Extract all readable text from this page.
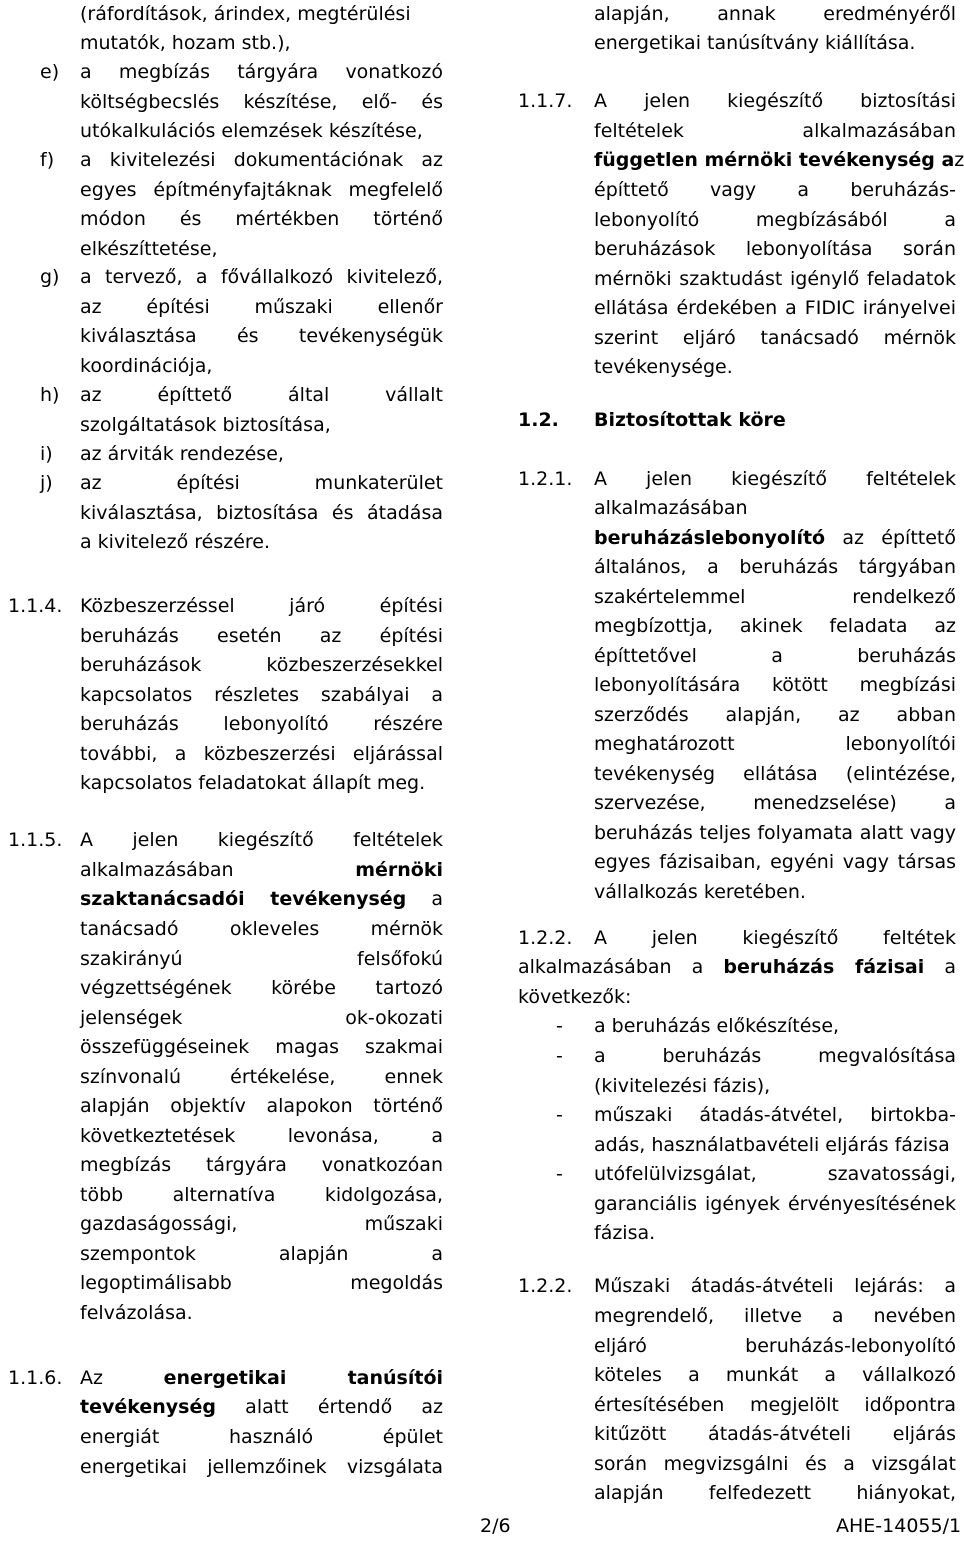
(ráfordítások, árindex, megtérülési
mutatók, hozam stb.),
e)	a megbízás tárgyára vonatkozó
költségbecslés készítése, elő- és
utókalkulációs elemzések készítése,
f)	a kivitelezési dokumentációnak az
egyes építményfajtáknak megfelelő
módon és mértékben történő
elkészíttetése,
g)	a tervező, a fővállalkozó kivitelező,
az építési műszaki ellenőr
kiválasztása és tevékenységük
koordinációja,
h)	az építtető által vállalt
szolgáltatások biztosítása,
i)	az árviták rendezése,
j)	az építési munkaterület
kiválasztása, biztosítása és átadása
a kivitelező részére.
1.1.4. Közbeszerzéssel járó építési
beruházás esetén az építési
beruházások közbeszerzésekkel
kapcsolatos részletes szabályai a
beruházás lebonyolító részére
további, a közbeszerzési eljárással
kapcsolatos feladatokat állapít meg.
1.1.5. A jelen kiegészítő feltételek
alkalmazásában	mérnöki
szaktanácsadói tevékenység a
tanácsadó okleveles mérnök
szakirányú felsőfokú
végzettségének körébe tartozó
jelenségek ok-okozati
összefüggéseinek magas szakmai
színvonalú értékelése, ennek
alapján objektív alapokon történő
következtetések levonása, a
megbízás tárgyára vonatkozóan
több alternatíva kidolgozása,
gazdaságossági, műszaki
szempontok alapján a
legoptimálisabb megoldás
felvázolása.
1.1.6. Az	energetikai tanúsítói
tevékenység alatt értendő az
energiát használó épület
energetikai jellemzőinek vizsgálata
alapján, annak eredményéről
energetikai tanúsítvány kiállítása.
1.1.7.	A jelen kiegészítő biztosítási
feltételek alkalmazásában
független mérnöki tevékenység az
építtető vagy a beruházás-
lebonyolító megbízásából a
beruházások lebonyolítása során
mérnöki szaktudást igénylő feladatok
ellátása érdekében a FIDIC irányelvei
szerint eljáró tanácsadó mérnök
tevékenysége.
1.2.	Biztosítottak köre
1.2.1.	A jelen kiegészítő feltételek
alkalmazásában
beruházáslebonyolító az építtető
általános, a beruházás tárgyában
szakértelemmel rendelkező
megbízottja, akinek feladata az
építtetővel a beruházás
lebonyolítására kötött megbízási
szerződés alapján, az abban
meghatározott lebonyolítói
tevékenység ellátása (elintézése,
szervezése, menedzselése) a
beruházás teljes folyamata alatt vagy
egyes fázisaiban, egyéni vagy társas
vállalkozás keretében.
1.2.2.	A jelen kiegészítő feltétek
alkalmazásában a beruházás fázisai a
következők:
-	a beruházás előkészítése,
-	a beruházás megvalósítása
(kivitelezési fázis),
-	műszaki átadás-átvétel, birtokba-
adás, használatbavételi eljárás fázisa
-	utófelülvizsgálat, szavatossági,
garanciális igények érvényesítésének
fázisa.
1.2.2.	Műszaki átadás-átvételi lejárás: a
megrendelő, illetve a nevében
eljáró beruházás-lebonyolító
köteles a munkát a vállalkozó
értesítésében megjelölt időpontra
kitűzött átadás-átvételi eljárás
során megvizsgálni és a vizsgálat
alapján felfedezett hiányokat,
2/6	AHE-14055/1
